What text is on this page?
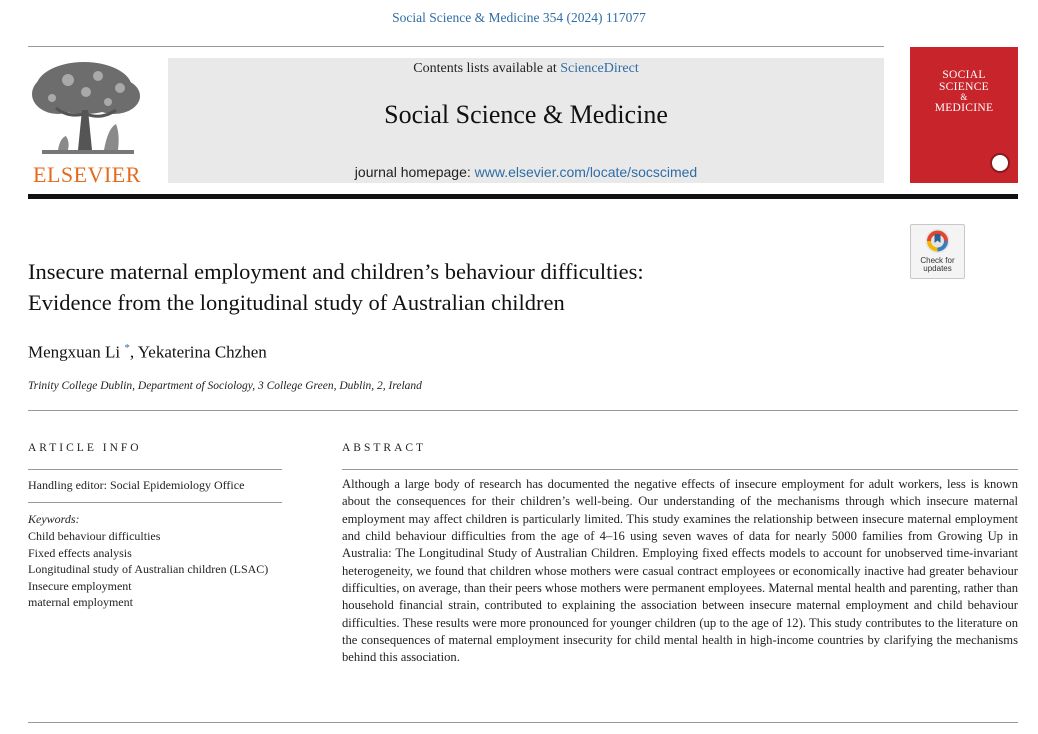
Social Science & Medicine 354 (2024) 117077
ELSEVIER
Contents lists available at ScienceDirect
Social Science & Medicine
journal homepage: www.elsevier.com/locate/socscimed
SOCIAL
SCIENCE

&
MEDICINE
Check for
updates
Insecure maternal employment and children’s behaviour difficulties:
Evidence from the longitudinal study of Australian children
Mengxuan Li *, Yekaterina Chzhen
Trinity College Dublin, Department of Sociology, 3 College Green, Dublin, 2, Ireland
ARTICLE INFO
Handling editor: Social Epidemiology Office
Keywords:
Child behaviour difficulties
Fixed effects analysis
Longitudinal study of Australian children (LSAC)
Insecure employment
maternal employment
ABSTRACT
Although a large body of research has documented the negative effects of insecure employment for adult workers, less is known about the consequences for their children’s well-being. Our understanding of the mechanisms through which insecure maternal employment may affect children is particularly limited. This study examines the relationship between insecure maternal employment and child behaviour difficulties from the age of 4–16 using seven waves of data for nearly 5000 families from Growing Up in Australia: The Longitudinal Study of Australian Children. Employing fixed effects models to account for unobserved time-invariant heterogeneity, we found that children whose mothers were casual contract employees or economically inactive had greater behaviour difficulties, on average, than their peers whose mothers were permanent employees. Maternal mental health and parenting, rather than household financial strain, contributed to explaining the association between insecure maternal employment and child behaviour difficulties. These results were more pronounced for younger children (up to the age of 12). This study contributes to the literature on the consequences of maternal employment insecurity for child mental health in high-income countries by clarifying the mechanisms behind this association.
